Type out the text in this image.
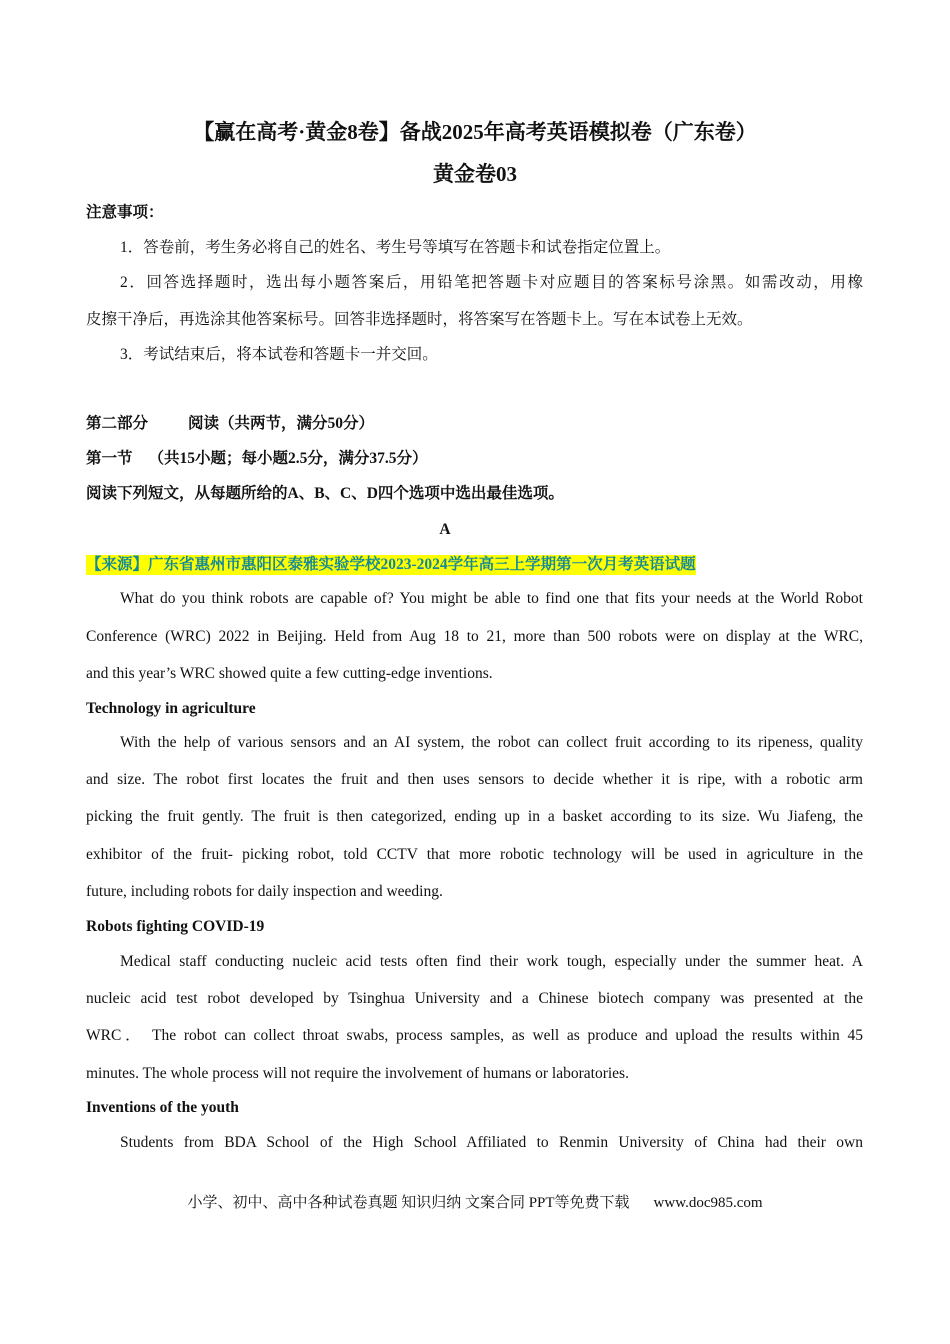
【赢在高考·黄金8卷】备战2025年高考英语模拟卷（广东卷）
黄金卷03
注意事项：
1．答卷前，考生务必将自己的姓名、考生号等填写在答题卡和试卷指定位置上。
2．回答选择题时，选出每小题答案后，用铅笔把答题卡对应题目的答案标号涂黑。如需改动，用橡
皮擦干净后，再选涂其他答案标号。回答非选择题时，将答案写在答题卡上。写在本试卷上无效。
3．考试结束后，将本试卷和答题卡一并交回。
第二部分	阅读（共两节，满分50分）
第一节 （共15小题；每小题2.5分，满分37.5分）
阅读下列短文，从每题所给的A、B、C、D四个选项中选出最佳选项。
A
【来源】广东省惠州市惠阳区泰雅实验学校2023-2024学年高三上学期第一次月考英语试题
What do you think robots are capable of? You might be able to find one that fits your needs at the World Robot
Conference (WRC) 2022 in Beijing. Held from Aug 18 to 21, more than 500 robots were on display at the WRC,
and this year’s WRC showed quite a few cutting-edge inventions.
Technology in agriculture
With the help of various sensors and an AI system, the robot can collect fruit according to its ripeness, quality
and size. The robot first locates the fruit and then uses sensors to decide whether it is ripe, with a robotic arm
picking the fruit gently. The fruit is then categorized, ending up in a basket according to its size. Wu Jiafeng, the
exhibitor of the fruit- picking robot, told CCTV that more robotic technology will be used in agriculture in the
future, including robots for daily inspection and weeding.
Robots fighting COVID-19
Medical staff conducting nucleic acid tests often find their work tough, especially under the summer heat. A
nucleic acid test robot developed by Tsinghua University and a Chinese biotech company was presented at the
WRC． The robot can collect throat swabs, process samples, as well as produce and upload the results within 45
minutes. The whole process will not require the involvement of humans or laboratories.
Inventions of the youth
Students from BDA School of the High School Affiliated to Renmin University of China had their own
小学、初中、高中各种试卷真题 知识归纳 文案合同 PPT等免费下载 www.doc985.com
